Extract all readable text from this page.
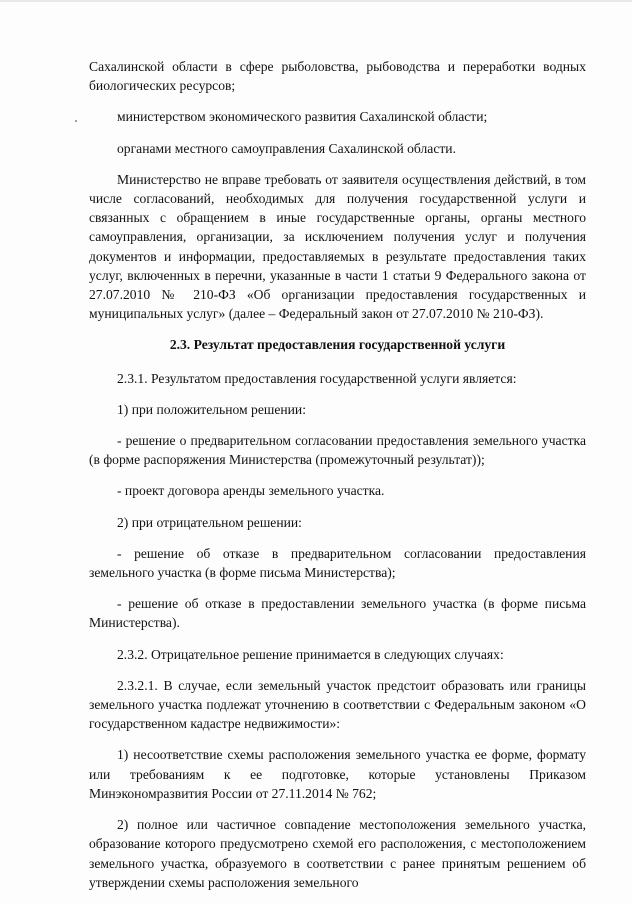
Сахалинской области в сфере рыболовства, рыбоводства и переработки водных биологических ресурсов;

министерством экономического развития Сахалинской области;

органами местного самоуправления Сахалинской области.

Министерство не вправе требовать от заявителя осуществления действий, в том числе согласований, необходимых для получения государственной услуги и связанных с обращением в иные государственные органы, органы местного самоуправления, организации, за исключением получения услуг и получения документов и информации, предоставляемых в результате предоставления таких услуг, включенных в перечни, указанные в части 1 статьи 9 Федерального закона от 27.07.2010 № 210-ФЗ «Об организации предоставления государственных и муниципальных услуг» (далее – Федеральный закон от 27.07.2010 № 210-ФЗ).

2.3. Результат предоставления государственной услуги

2.3.1. Результатом предоставления государственной услуги является:

1) при положительном решении:

- решение о предварительном согласовании предоставления земельного участка (в форме распоряжения Министерства (промежуточный результат));

- проект договора аренды земельного участка.

2) при отрицательном решении:

- решение об отказе в предварительном согласовании предоставления земельного участка (в форме письма Министерства);

- решение об отказе в предоставлении земельного участка (в форме письма Министерства).

2.3.2. Отрицательное решение принимается в следующих случаях:

2.3.2.1. В случае, если земельный участок предстоит образовать или границы земельного участка подлежат уточнению в соответствии с Федеральным законом «О государственном кадастре недвижимости»:

1) несоответствие схемы расположения земельного участка ее форме, формату или требованиям к ее подготовке, которые установлены Приказом Минэкономразвития России от 27.11.2014 № 762;

2) полное или частичное совпадение местоположения земельного участка, образование которого предусмотрено схемой его расположения, с местоположением земельного участка, образуемого в соответствии с ранее принятым решением об утверждении схемы расположения земельного
